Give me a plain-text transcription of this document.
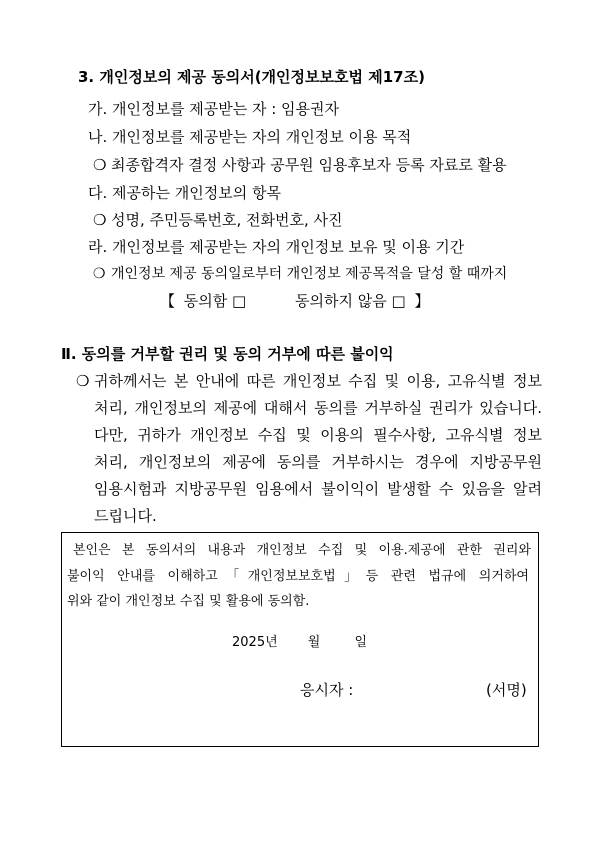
3. 개인정보의 제공 동의서(개인정보보호법 제17조)
가. 개인정보를 제공받는 자 : 임용권자
나. 개인정보를 제공받는 자의 개인정보 이용 목적
❍ 최종합격자 결정 사항과 공무원 임용후보자 등록 자료로 활용
다. 제공하는 개인정보의 항목
❍ 성명, 주민등록번호, 전화번호, 사진
라. 개인정보를 제공받는 자의 개인정보 보유 및 이용 기간
❍ 개인정보 제공 동의일로부터 개인정보 제공목적을 달성 할 때까지
【 동의함 □	동의하지 않음 □ 】
Ⅱ. 동의를 거부할 권리 및 동의 거부에 따른 불이익
❍ 귀하께서는 본 안내에 따른 개인정보 수집 및 이용, 고유식별 정보
처리, 개인정보의 제공에 대해서 동의를 거부하실 권리가 있습니다.
다만, 귀하가 개인정보 수집 및 이용의 필수사항, 고유식별 정보
처리, 개인정보의 제공에 동의를 거부하시는 경우에 지방공무원
임용시험과 지방공무원 임용에서 불이익이 발생할 수 있음을 알려
드립니다.
본인은 본 동의서의 내용과 개인정보 수집 및 이용.제공에 관한 권리와
불이익 안내를 이해하고「개인정보보호법」등 관련 법규에 의거하여
위와 같이 개인정보 수집 및 활용에 동의함.
2025년 월	일
응시자 :	(서명)
